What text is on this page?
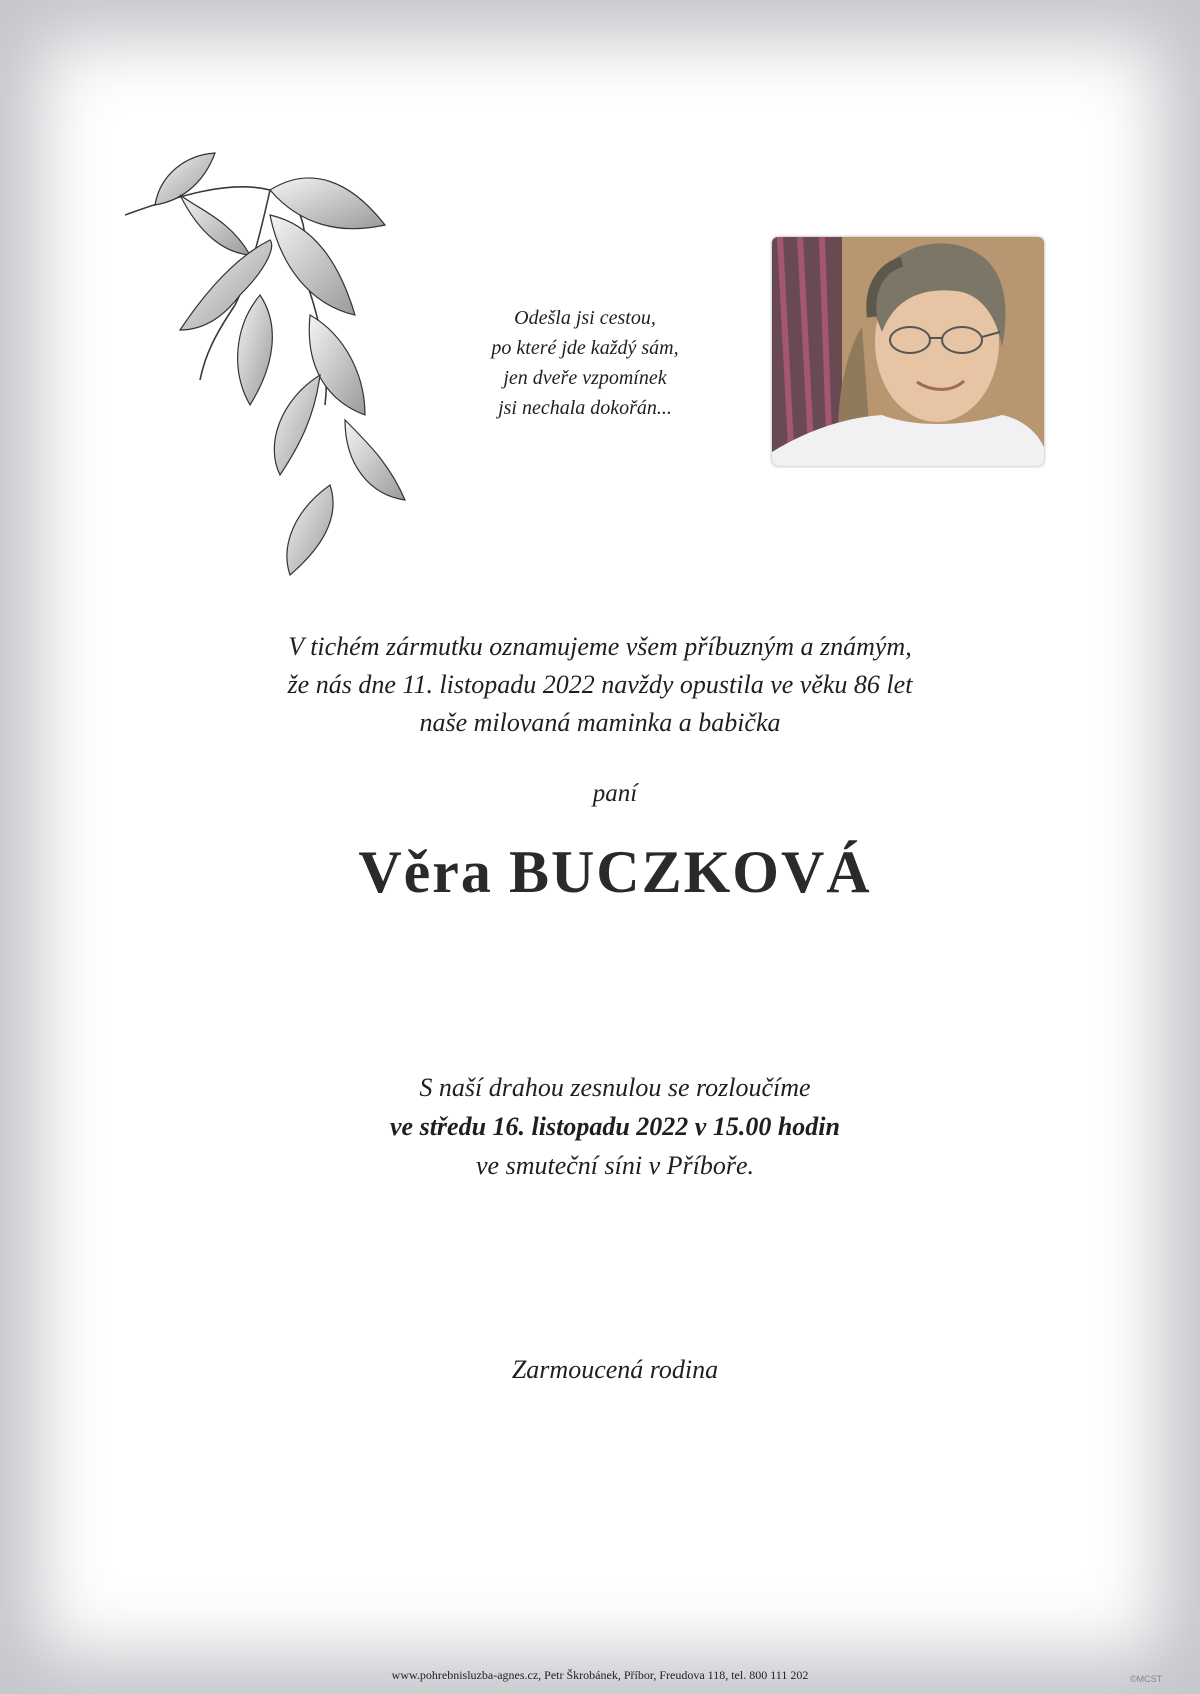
Odešla jsi cestou,
po které jde každý sám,
jen dveře vzpomínek
jsi nechala dokořán...
V tichém zármutku oznamujeme všem příbuzným a známým,
že nás dne 11. listopadu 2022 navždy opustila ve věku 86 let
naše milovaná maminka a babička
paní
Věra BUCZKOVÁ
S naší drahou zesnulou se rozloučíme
ve středu 16. listopadu 2022 v 15.00 hodin
ve smuteční síni v Příboře.
Zarmoucená rodina
www.pohrebnisluzba-agnes.cz, Petr Škrobánek, Příbor, Freudova 118, tel. 800 111 202	©MCST
